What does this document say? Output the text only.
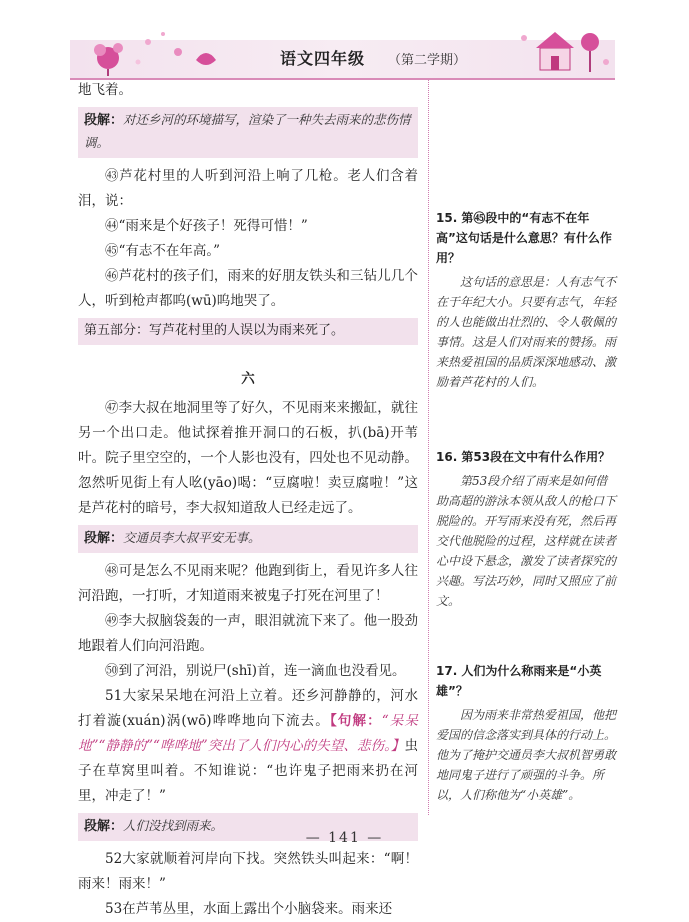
语文四年级 （第二学期）

地飞着。

段解：对还乡河的环境描写，渲染了一种失去雨来的悲伤情调。

㊸芦花村里的人听到河沿上响了几枪。老人们含着泪，说：

㊹“雨来是个好孩子！死得可惜！”

㊺“有志不在年高。”

㊻芦花村的孩子们，雨来的好朋友铁头和三钻儿几个人，听到枪声都呜(wū)呜地哭了。

第五部分：写芦花村里的人误以为雨来死了。

六

㊼李大叔在地洞里等了好久，不见雨来来搬缸，就往另一个出口走。他试探着推开洞口的石板，扒(bā)开苇叶。院子里空空的，一个人影也没有，四处也不见动静。忽然听见街上有人吆(yāo)喝：“豆腐啦！卖豆腐啦！”这是芦花村的暗号，李大叔知道敌人已经走远了。

段解：交通员李大叔平安无事。

㊽可是怎么不见雨来呢？他跑到街上，看见许多人往河沿跑，一打听，才知道雨来被鬼子打死在河里了！

㊾李大叔脑袋轰的一声，眼泪就流下来了。他一股劲地跟着人们向河沿跑。

㊿到了河沿，别说尸(shī)首，连一滴血也没看见。

51大家呆呆地在河沿上立着。还乡河静静的，河水打着漩(xuán)涡(wō)哗哗地向下流去。【句解：“呆呆地”“静静的”“哗哗地”突出了人们内心的失望、悲伤。】虫子在草窝里叫着。不知谁说：“也许鬼子把雨来扔在河里，冲走了！”

段解：人们没找到雨来。

52大家就顺着河岸向下找。突然铁头叫起来：“啊！雨来！雨来！”

53在芦苇丛里，水面上露出个小脑袋来。雨来还

15. 第㊺段中的“有志不在年高”这句话是什么意思？有什么作用？

这句话的意思是：人有志气不在于年纪大小。只要有志气，年轻的人也能做出壮烈的、令人敬佩的事情。这是人们对雨来的赞扬。雨来热爱祖国的品质深深地感动、激励着芦花村的人们。

16. 第53段在文中有什么作用？

第53段介绍了雨来是如何借助高超的游泳本领从敌人的枪口下脱险的。开写雨来没有死，然后再交代他脱险的过程，这样就在读者心中设下悬念，激发了读者探究的兴趣。写法巧妙，同时又照应了前文。

17. 人们为什么称雨来是“小英雄”？

因为雨来非常热爱祖国，他把爱国的信念落实到具体的行动上。他为了掩护交通员李大叔机智勇敢地同鬼子进行了顽强的斗争。所以，人们称他为“小英雄”。

— 141 —
